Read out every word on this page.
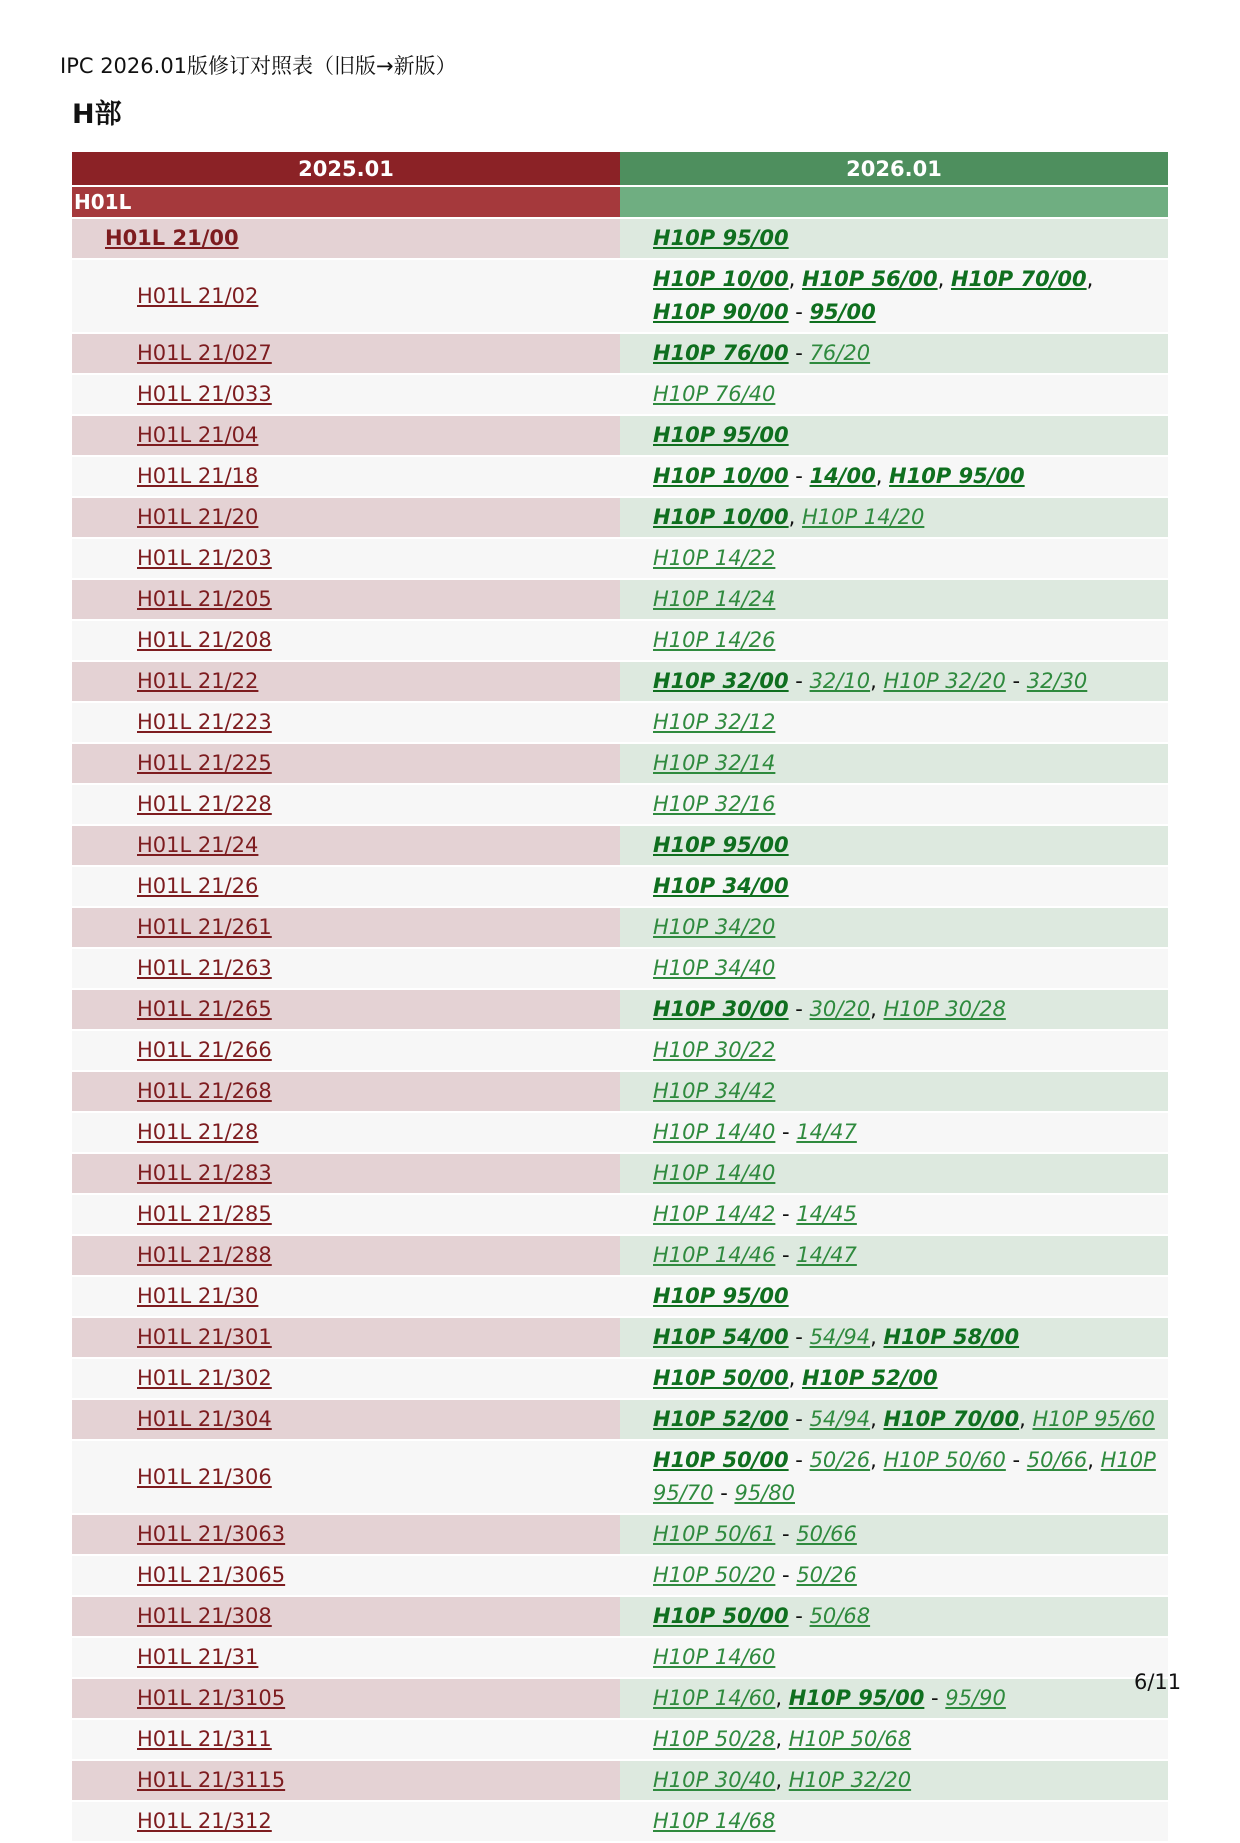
IPC 2026.01版修订对照表（旧版→新版）
H部
2025.01	2026.01
H01L	
H01L 21/00	H10P 95/00
H01L 21/02	H10P 10/00, H10P 56/00, H10P 70/00, H10P 90/00 - 95/00
H01L 21/027	H10P 76/00 - 76/20
H01L 21/033	H10P 76/40
H01L 21/04	H10P 95/00
H01L 21/18	H10P 10/00 - 14/00, H10P 95/00
H01L 21/20	H10P 10/00, H10P 14/20
H01L 21/203	H10P 14/22
H01L 21/205	H10P 14/24
H01L 21/208	H10P 14/26
H01L 21/22	H10P 32/00 - 32/10, H10P 32/20 - 32/30
H01L 21/223	H10P 32/12
H01L 21/225	H10P 32/14
H01L 21/228	H10P 32/16
H01L 21/24	H10P 95/00
H01L 21/26	H10P 34/00
H01L 21/261	H10P 34/20
H01L 21/263	H10P 34/40
H01L 21/265	H10P 30/00 - 30/20, H10P 30/28
H01L 21/266	H10P 30/22
H01L 21/268	H10P 34/42
H01L 21/28	H10P 14/40 - 14/47
H01L 21/283	H10P 14/40
H01L 21/285	H10P 14/42 - 14/45
H01L 21/288	H10P 14/46 - 14/47
H01L 21/30	H10P 95/00
H01L 21/301	H10P 54/00 - 54/94, H10P 58/00
H01L 21/302	H10P 50/00, H10P 52/00
H01L 21/304	H10P 52/00 - 54/94, H10P 70/00, H10P 95/60
H01L 21/306	H10P 50/00 - 50/26, H10P 50/60 - 50/66, H10P 95/70 - 95/80
H01L 21/3063	H10P 50/61 - 50/66
H01L 21/3065	H10P 50/20 - 50/26
H01L 21/308	H10P 50/00 - 50/68
H01L 21/31	H10P 14/60
H01L 21/3105	H10P 14/60, H10P 95/00 - 95/90
H01L 21/311	H10P 50/28, H10P 50/68
H01L 21/3115	H10P 30/40, H10P 32/20
H01L 21/312	H10P 14/68
6/11
